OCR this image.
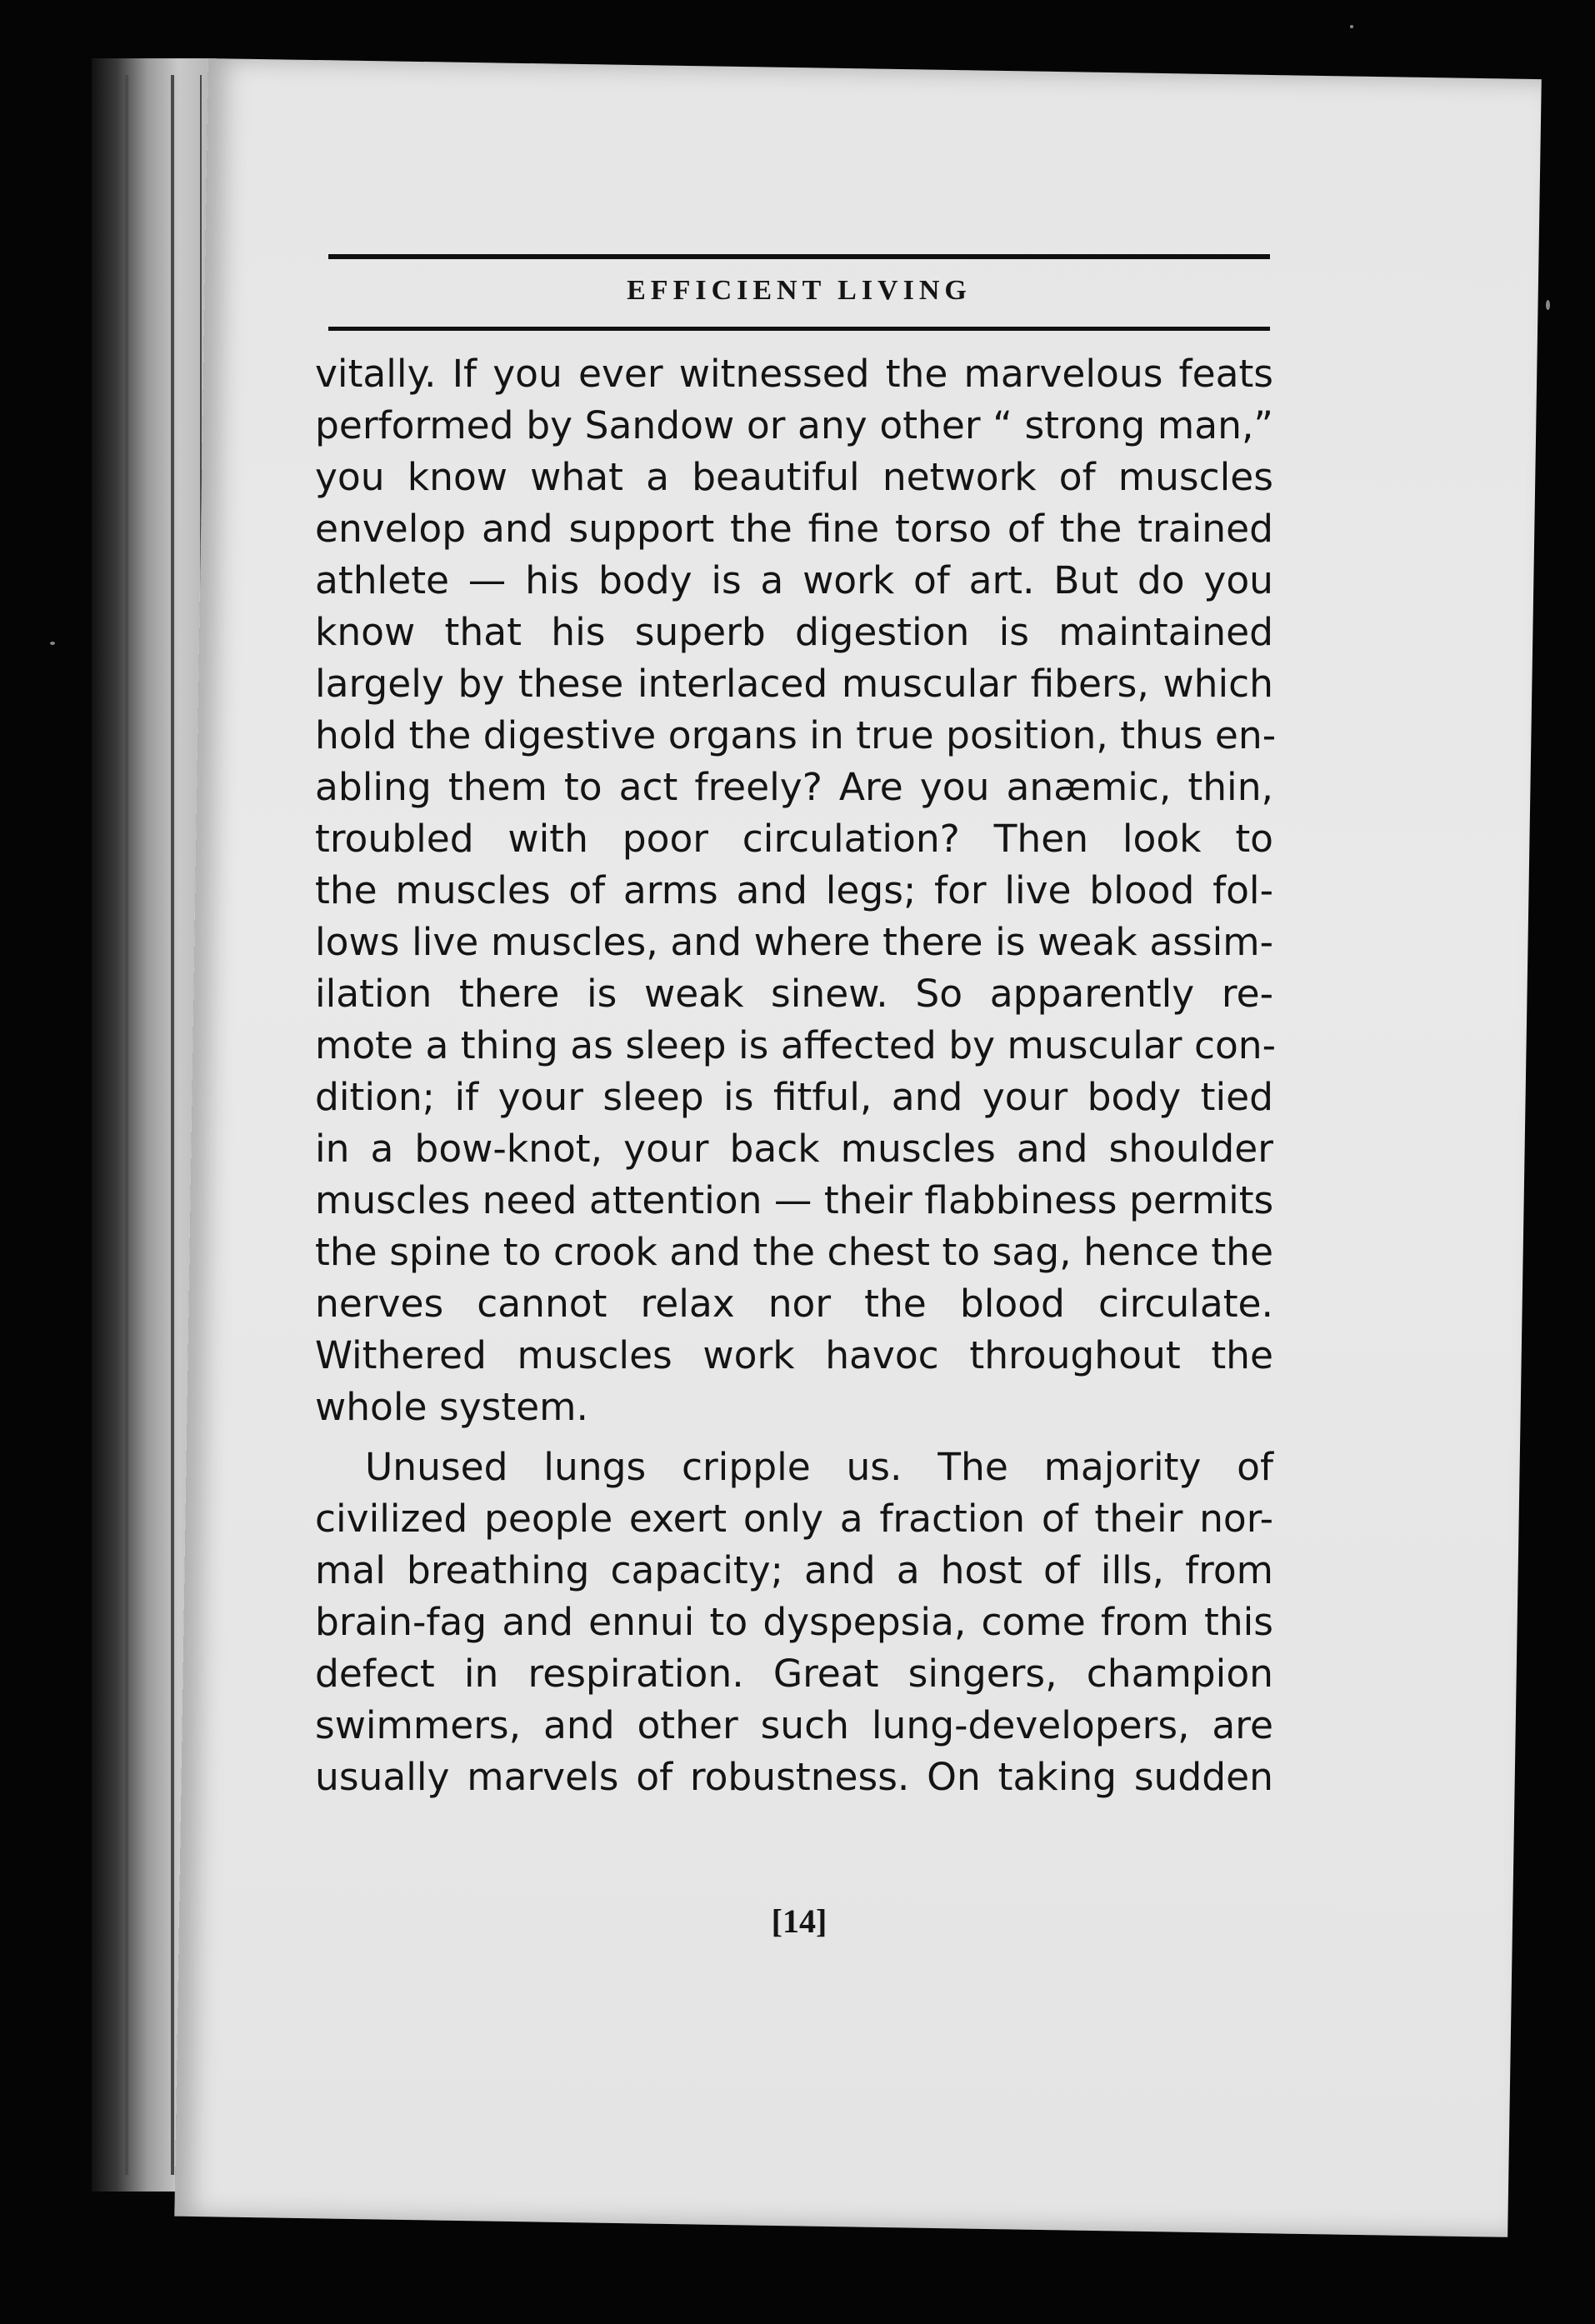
EFFICIENT LIVING
vitally. If you ever witnessed the marvelous feats
performed by Sandow or any other “ strong man,”
you know what a beautiful network of muscles
envelop and support the fine torso of the trained
athlete — his body is a work of art. But do you
know that his superb digestion is maintained
largely by these interlaced muscular fibers, which
hold the digestive organs in true position, thus en-
abling them to act freely? Are you anæmic, thin,
troubled with poor circulation? Then look to
the muscles of arms and legs; for live blood fol-
lows live muscles, and where there is weak assim-
ilation there is weak sinew. So apparently re-
mote a thing as sleep is affected by muscular con-
dition; if your sleep is fitful, and your body tied
in a bow-knot, your back muscles and shoulder
muscles need attention — their flabbiness permits
the spine to crook and the chest to sag, hence the
nerves cannot relax nor the blood circulate.
Withered muscles work havoc throughout the
whole system.
Unused lungs cripple us. The majority of
civilized people exert only a fraction of their nor-
mal breathing capacity; and a host of ills, from
brain-fag and ennui to dyspepsia, come from this
defect in respiration. Great singers, champion
swimmers, and other such lung-developers, are
usually marvels of robustness. On taking sudden
[14]
